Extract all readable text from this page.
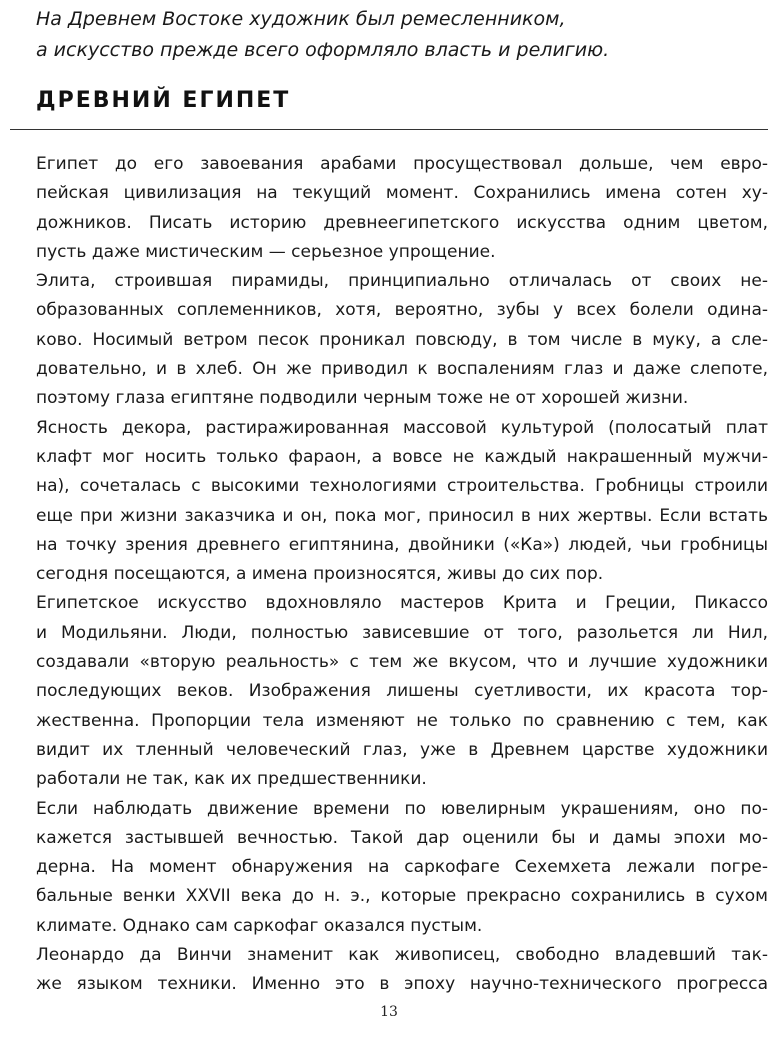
На Древнем Востоке художник был ремесленником,
а искусство прежде всего оформляло власть и религию.
ДРЕВНИЙ ЕГИПЕТ

Египет до его завоевания арабами просуществовал дольше, чем евро-
пейская цивилизация на текущий момент. Сохранились имена сотен ху-
дожников. Писать историю древнеегипетского искусства одним цветом,
пусть даже мистическим — серьезное упрощение.

Элита, строившая пирамиды, принципиально отличалась от своих не-
образованных соплеменников, хотя, вероятно, зубы у всех болели одина-
ково. Носимый ветром песок проникал повсюду, в том числе в муку, а сле-
довательно, и в хлеб. Он же приводил к воспалениям глаз и даже слепоте,
поэтому глаза египтяне подводили черным тоже не от хорошей жизни.

Ясность декора, растиражированная массовой культурой (полосатый плат
клафт мог носить только фараон, а вовсе не каждый накрашенный мужчи-
на), сочеталась с высокими технологиями строительства. Гробницы строили
еще при жизни заказчика и он, пока мог, приносил в них жертвы. Если встать
на точку зрения древнего египтянина, двойники («Ка») людей, чьи гробницы
сегодня посещаются, а имена произносятся, живы до сих пор.

Египетское искусство вдохновляло мастеров Крита и Греции, Пикассо
и Модильяни. Люди, полностью зависевшие от того, разольется ли Нил,
создавали «вторую реальность» с тем же вкусом, что и лучшие художники
последующих веков. Изображения лишены суетливости, их красота тор-
жественна. Пропорции тела изменяют не только по сравнению с тем, как
видит их тленный человеческий глаз, уже в Древнем царстве художники
работали не так, как их предшественники.

Если наблюдать движение времени по ювелирным украшениям, оно по-
кажется застывшей вечностью. Такой дар оценили бы и дамы эпохи мо-
дерна. На момент обнаружения на саркофаге Сехемхета лежали погре-
бальные венки XXVII века до н. э., которые прекрасно сохранились в сухом
климате. Однако сам саркофаг оказался пустым.

Леонардо да Винчи знаменит как живописец, свободно владевший так-
же языком техники. Именно это в эпоху научно-технического прогресса

13
